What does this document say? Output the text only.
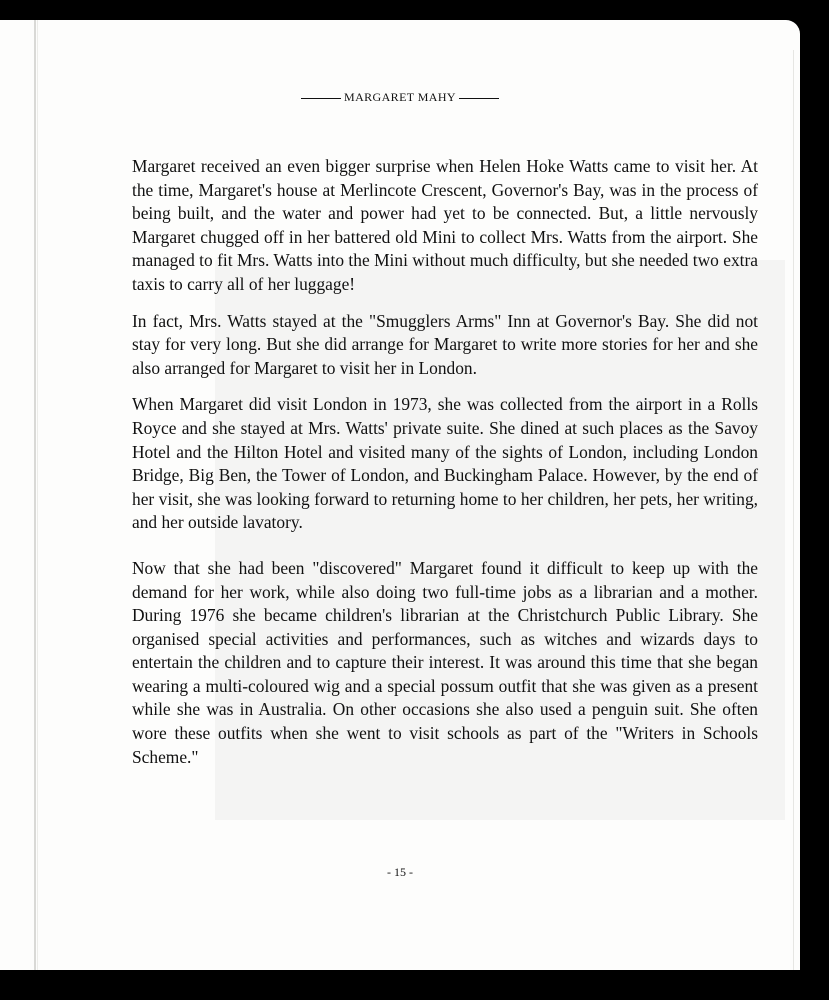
MARGARET MAHY

Margaret received an even bigger surprise when Helen Hoke Watts came to visit her. At the time, Margaret's house at Merlincote Crescent, Governor's Bay, was in the process of being built, and the water and power had yet to be connected. But, a little nervously Margaret chugged off in her battered old Mini to collect Mrs. Watts from the airport. She managed to fit Mrs. Watts into the Mini without much difficulty, but she needed two extra taxis to carry all of her luggage!

In fact, Mrs. Watts stayed at the "Smugglers Arms" Inn at Governor's Bay. She did not stay for very long. But she did arrange for Margaret to write more stories for her and she also arranged for Margaret to visit her in London.

When Margaret did visit London in 1973, she was collected from the airport in a Rolls Royce and she stayed at Mrs. Watts' private suite. She dined at such places as the Savoy Hotel and the Hilton Hotel and visited many of the sights of London, including London Bridge, Big Ben, the Tower of London, and Buckingham Palace. However, by the end of her visit, she was looking forward to returning home to her children, her pets, her writing, and her outside lavatory.

Now that she had been "discovered" Margaret found it difficult to keep up with the demand for her work, while also doing two full-time jobs as a librarian and a mother. During 1976 she became children's librarian at the Christchurch Public Library. She organised special activities and performances, such as witches and wizards days to entertain the children and to capture their interest. It was around this time that she began wearing a multi-coloured wig and a special possum outfit that she was given as a present while she was in Australia. On other occasions she also used a penguin suit. She often wore these outfits when she went to visit schools as part of the "Writers in Schools Scheme."

- 15 -
